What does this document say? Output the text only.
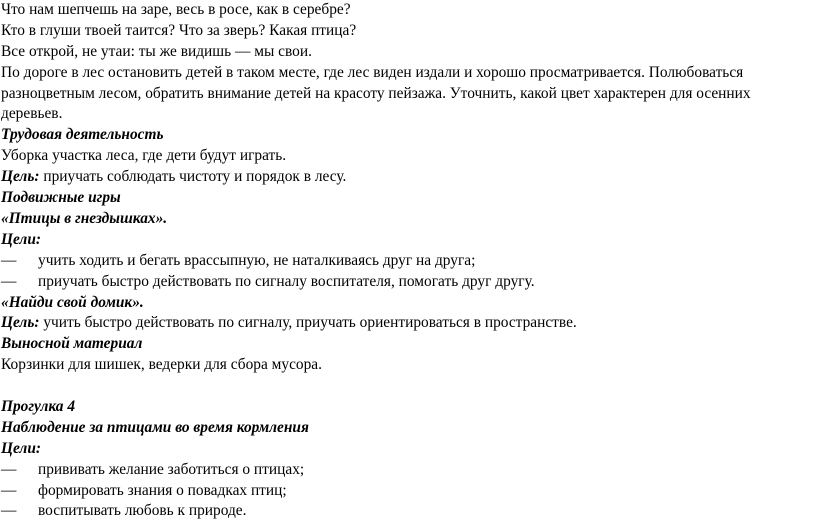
Что нам шепчешь на заре, весь в росе, как в серебре?
Кто в глуши твоей таится? Что за зверь? Какая птица?
Все открой, не утаи: ты же видишь — мы свои.
По дороге в лес остановить детей в таком месте, где лес виден издали и хорошо просматривается. Полюбоваться разноцветным лесом, обратить внимание детей на красоту пейзажа. Уточнить, какой цвет характерен для осенних деревьев.
Трудовая деятельность
Уборка участка леса, где дети будут играть.
Цель: приучать соблюдать чистоту и порядок в лесу.
Подвижные игры
«Птицы в гнездышках».
Цели:
—	учить ходить и бегать врассыпную, не наталкиваясь друг на друга;
—	приучать быстро действовать по сигналу воспитателя, помогать друг другу.
«Найди свой домик».
Цель: учить быстро действовать по сигналу, приучать ориентироваться в пространстве.
Выносной материал
Корзинки для шишек, ведерки для сбора мусора.
Прогулка 4
Наблюдение за птицами во время кормления
Цели:
—	прививать желание заботиться о птицах;
—	формировать знания о повадках птиц;
—	воспитывать любовь к природе.
